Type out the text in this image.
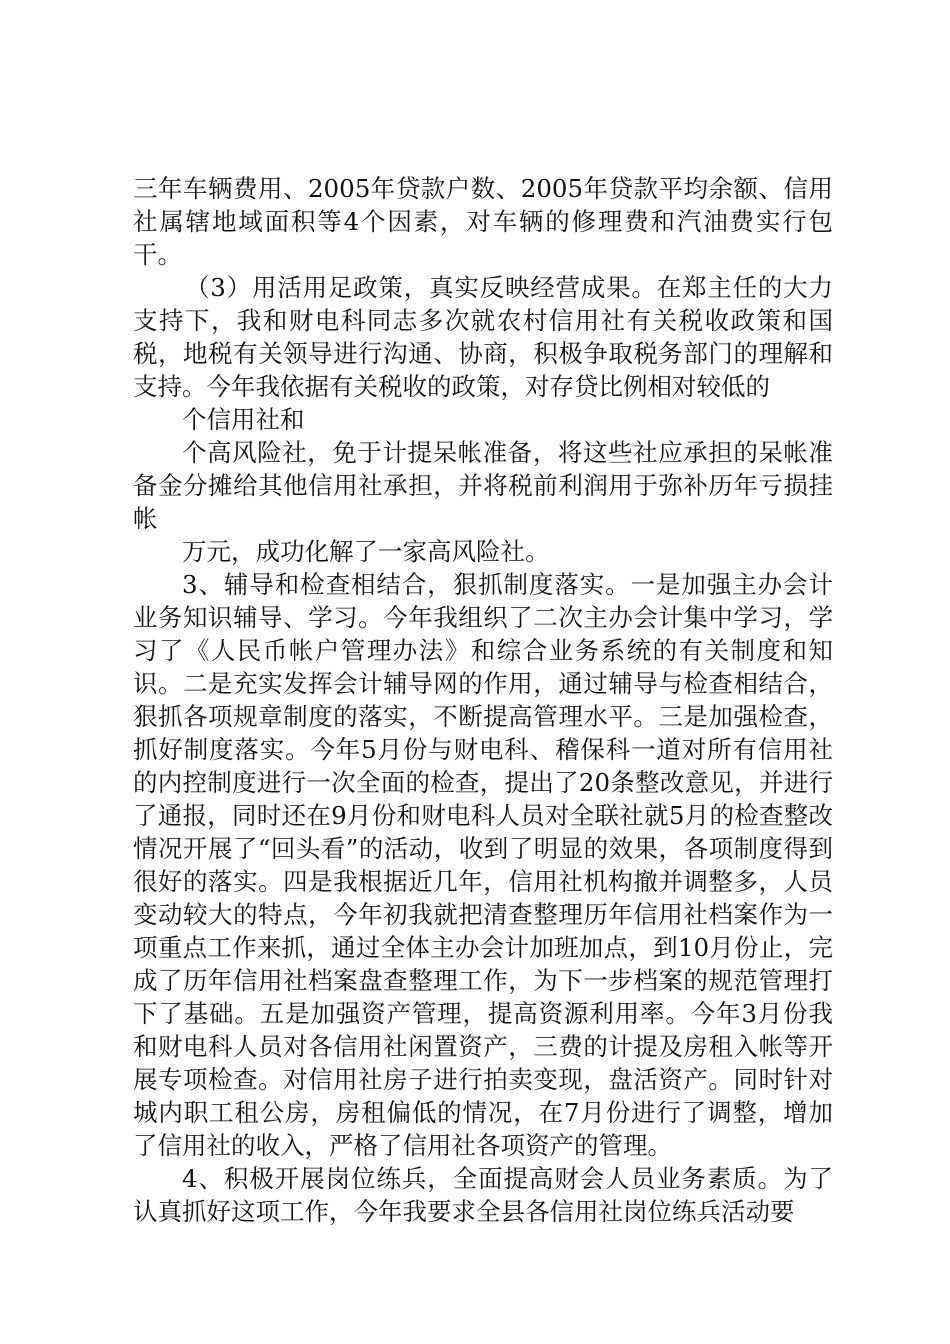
三年车辆费用、2005年贷款户数、2005年贷款平均余额、信用社属辖地域面积等4个因素，对车辆的修理费和汽油费实行包干。

（3）用活用足政策，真实反映经营成果。在郑主任的大力支持下，我和财电科同志多次就农村信用社有关税收政策和国税，地税有关领导进行沟通、协商，积极争取税务部门的理解和支持。今年我依据有关税收的政策，对存贷比例相对较低的

个信用社和

个高风险社，免于计提呆帐准备，将这些社应承担的呆帐准备金分摊给其他信用社承担，并将税前利润用于弥补历年亏损挂帐

万元，成功化解了一家高风险社。

3、辅导和检查相结合，狠抓制度落实。一是加强主办会计业务知识辅导、学习。今年我组织了二次主办会计集中学习，学习了《人民币帐户管理办法》和综合业务系统的有关制度和知识。二是充实发挥会计辅导网的作用，通过辅导与检查相结合，狠抓各项规章制度的落实，不断提高管理水平。三是加强检查，抓好制度落实。今年5月份与财电科、稽保科一道对所有信用社的内控制度进行一次全面的检查，提出了20条整改意见，并进行了通报，同时还在9月份和财电科人员对全联社就5月的检查整改情况开展了“回头看”的活动，收到了明显的效果，各项制度得到很好的落实。四是我根据近几年，信用社机构撤并调整多，人员变动较大的特点，今年初我就把清查整理历年信用社档案作为一项重点工作来抓，通过全体主办会计加班加点，到10月份止，完成了历年信用社档案盘查整理工作，为下一步档案的规范管理打下了基础。五是加强资产管理，提高资源利用率。今年3月份我和财电科人员对各信用社闲置资产，三费的计提及房租入帐等开展专项检查。对信用社房子进行拍卖变现，盘活资产。同时针对城内职工租公房，房租偏低的情况，在7月份进行了调整，增加了信用社的收入，严格了信用社各项资产的管理。

4、积极开展岗位练兵，全面提高财会人员业务素质。为了认真抓好这项工作，今年我要求全县各信用社岗位练兵活动要
